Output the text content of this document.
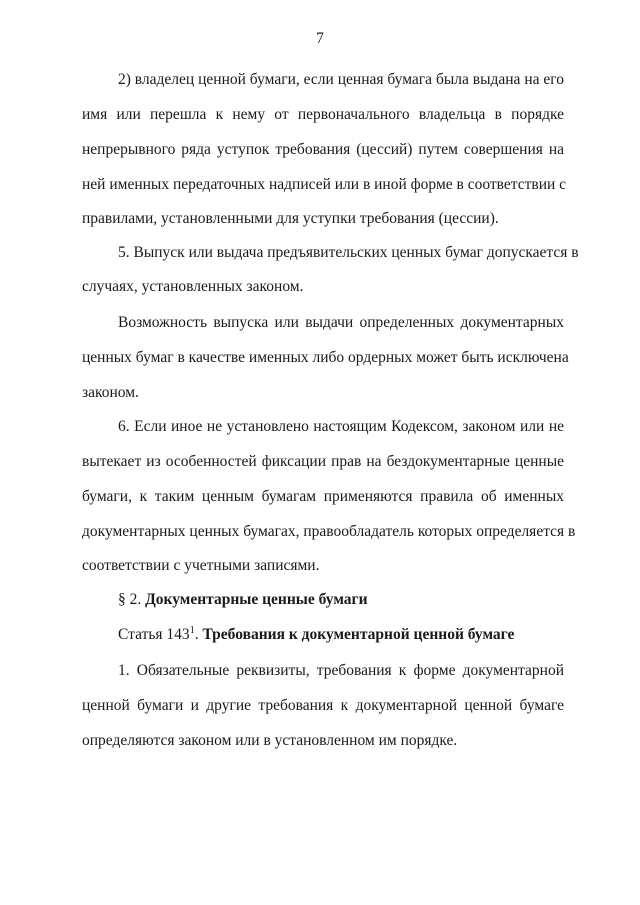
7
2) владелец ценной бумаги, если ценная бумага была выдана на его
имя или перешла к нему от первоначального владельца в порядке
непрерывного ряда уступок требования (цессий) путем совершения на
ней именных передаточных надписей или в иной форме в соответствии с
правилами, установленными для уступки требования (цессии).
5. Выпуск или выдача предъявительских ценных бумаг допускается в
случаях, установленных законом.
Возможность выпуска или выдачи определенных документарных
ценных бумаг в качестве именных либо ордерных может быть исключена
законом.
6. Если иное не установлено настоящим Кодексом, законом или не
вытекает из особенностей фиксации прав на бездокументарные ценные
бумаги, к таким ценным бумагам применяются правила об именных
документарных ценных бумагах, правообладатель которых определяется в
соответствии с учетными записями.
§ 2. Документарные ценные бумаги
Статья $143^1$. Требования к документарной ценной бумаге
1. Обязательные реквизиты, требования к форме документарной
ценной бумаги и другие требования к документарной ценной бумаге
определяются законом или в установленном им порядке.
